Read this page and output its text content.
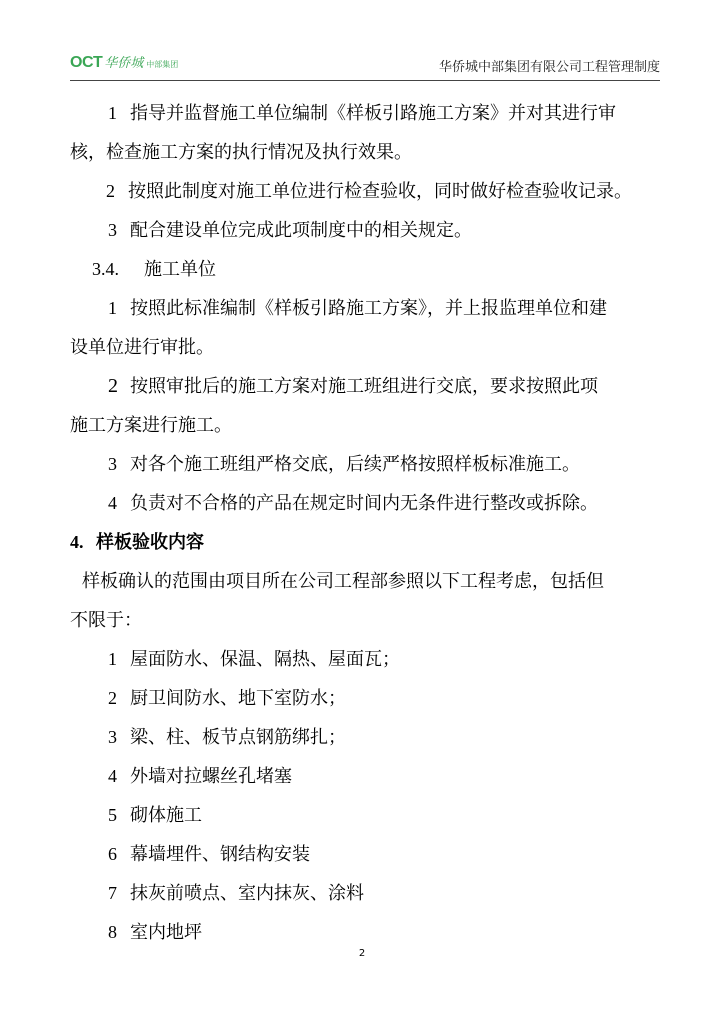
OCT 华侨城 中部集团	华侨城中部集团有限公司工程管理制度

1 指导并监督施工单位编制《样板引路施工方案》并对其进行审

核，检查施工方案的执行情况及执行效果。

2 按照此制度对施工单位进行检查验收，同时做好检查验收记录。

3 配合建设单位完成此项制度中的相关规定。

3.4. 施工单位

1 按照此标准编制《样板引路施工方案》，并上报监理单位和建

设单位进行审批。

2 按照审批后的施工方案对施工班组进行交底，要求按照此项

施工方案进行施工。

3 对各个施工班组严格交底，后续严格按照样板标准施工。

4 负责对不合格的产品在规定时间内无条件进行整改或拆除。

4. 样板验收内容

样板确认的范围由项目所在公司工程部参照以下工程考虑，包括但

不限于：

1 屋面防水、保温、隔热、屋面瓦；

2 厨卫间防水、地下室防水；

3 梁、柱、板节点钢筋绑扎；

4 外墙对拉螺丝孔堵塞

5 砌体施工

6 幕墙埋件、钢结构安装

7 抹灰前喷点、室内抹灰、涂料

8 室内地坪

2
